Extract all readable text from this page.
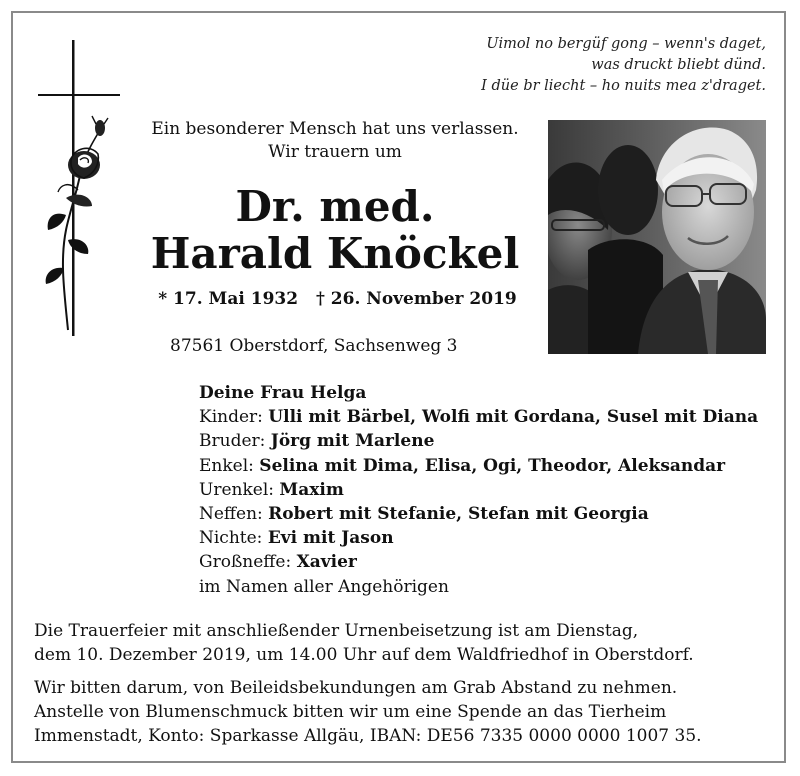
Uimol no bergüf gong – wenn's daget,
was druckt bliebt dünd.
I düe br liecht – ho nuits mea z'draget.
Ein besonderer Mensch hat uns verlassen.
Wir trauern um
Dr. med.
Harald Knöckel
* 17. Mai 1932 † 26. November 2019
87561 Oberstdorf, Sachsenweg 3
Deine Frau Helga
Kinder: Ulli mit Bärbel, Wolfi mit Gordana, Susel mit Diana
Bruder: Jörg mit Marlene
Enkel: Selina mit Dima, Elisa, Ogi, Theodor, Aleksandar
Urenkel: Maxim
Neffen: Robert mit Stefanie, Stefan mit Georgia
Nichte: Evi mit Jason
Großneffe: Xavier
im Namen aller Angehörigen
Die Trauerfeier mit anschließender Urnenbeisetzung ist am Dienstag,
dem 10. Dezember 2019, um 14.00 Uhr auf dem Waldfriedhof in Oberstdorf.
Wir bitten darum, von Beileidsbekundungen am Grab Abstand zu nehmen.
Anstelle von Blumenschmuck bitten wir um eine Spende an das Tierheim
Immenstadt, Konto: Sparkasse Allgäu, IBAN: DE56 7335 0000 0000 1007 35.
